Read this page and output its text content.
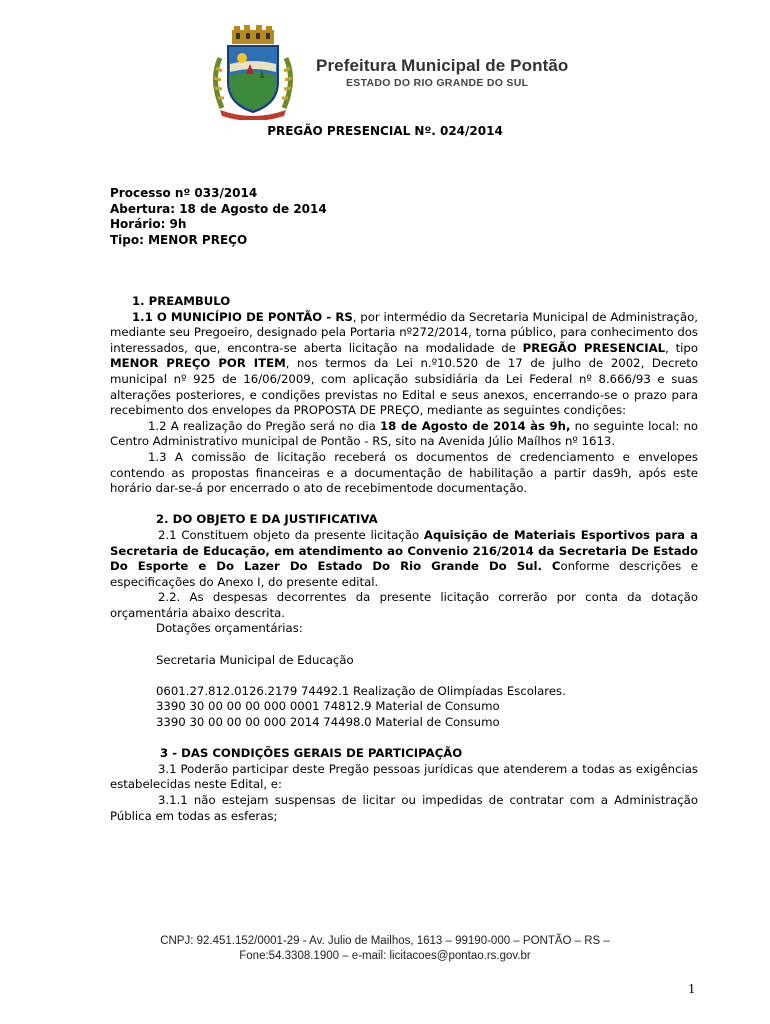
Prefeitura Municipal de Pontão
ESTADO DO RIO GRANDE DO SUL
PREGÃO PRESENCIAL Nº. 024/2014
Processo nº 033/2014
Abertura: 18 de Agosto de 2014
Horário: 9h
Tipo: MENOR PREÇO

1. PREAMBULO

1.1 O MUNICÍPIO DE PONTÃO - RS, por intermédio da Secretaria Municipal de Administração, mediante seu Pregoeiro, designado pela Portaria nº272/2014, torna público, para conhecimento dos interessados, que, encontra-se aberta licitação na modalidade de PREGÃO PRESENCIAL, tipo MENOR PREÇO POR ITEM, nos termos da Lei n.º10.520 de 17 de julho de 2002, Decreto municipal nº 925 de 16/06/2009, com aplicação subsidiária da Lei Federal nº 8.666/93 e suas alterações posteriores, e condições previstas no Edital e seus anexos, encerrando-se o prazo para recebimento dos envelopes da PROPOSTA DE PREÇO, mediante as seguintes condições:

1.2 A realização do Pregão será no dia 18 de Agosto de 2014 às 9h, no seguinte local: no Centro Administrativo municipal de Pontão - RS, sito na Avenida Júlio Maílhos nº 1613.

1.3 A comissão de licitação receberá os documentos de credenciamento e envelopes contendo as propostas financeiras e a documentação de habilitação a partir das9h, após este horário dar-se-á por encerrado o ato de recebimentode documentação.

2. DO OBJETO E DA JUSTIFICATIVA

2.1 Constituem objeto da presente licitação Aquisição de Materiais Esportivos para a Secretaria de Educação, em atendimento ao Convenio 216/2014 da Secretaria De Estado Do Esporte e Do Lazer Do Estado Do Rio Grande Do Sul. Conforme descrições e especificações do Anexo I, do presente edital.

2.2. As despesas decorrentes da presente licitação correrão por conta da dotação orçamentária abaixo descrita.

Dotações orçamentárias:

Secretaria Municipal de Educação

0601.27.812.0126.2179 74492.1 Realização de Olimpíadas Escolares.

3390 30 00 00 00 000 0001 74812.9 Material de Consumo

3390 30 00 00 00 000 2014 74498.0 Material de Consumo

3 - DAS CONDIÇÕES GERAIS DE PARTICIPAÇÃO

3.1 Poderão participar deste Pregão pessoas jurídicas que atenderem a todas as exigências estabelecidas neste Edital, e:

3.1.1 não estejam suspensas de licitar ou impedidas de contratar com a Administração Pública em todas as esferas;

CNPJ: 92.451.152/0001-29 - Av. Julio de Mailhos, 1613 – 99190-000 – PONTÃO – RS –
Fone:54.3308.1900 – e-mail: licitacoes@pontao.rs.gov.br
1
